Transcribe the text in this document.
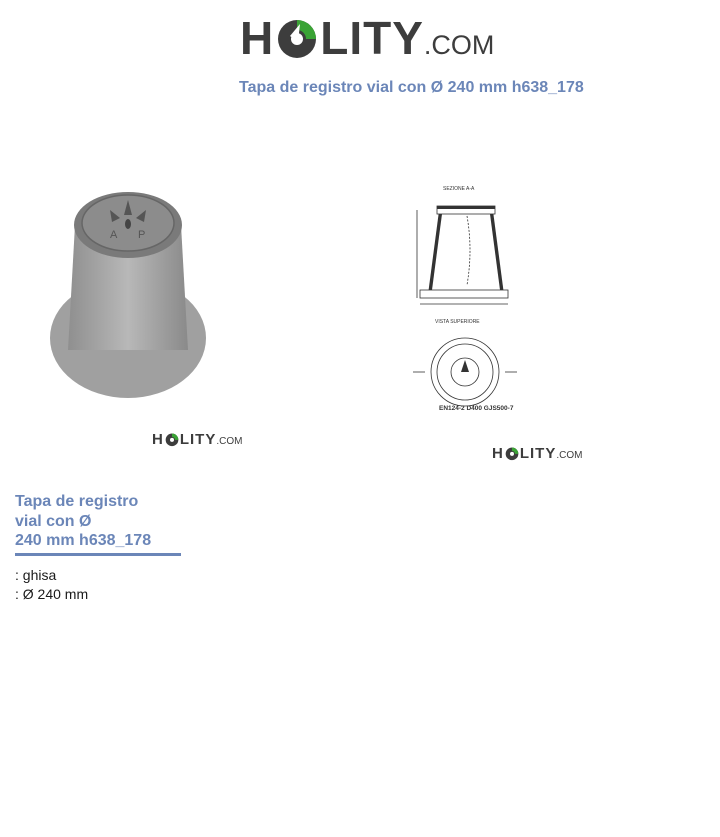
H LITY .COM
Tapa de registro vial con Ø 240 mm h638_178
A P
H LITY .COM
SEZIONE A-A
VISTA SUPERIORE
EN124-2 D400 GJS500-7
H LITY .COM
Tapa de registro
vial con Ø
240 mm h638_178
: ghisa
: Ø 240 mm
